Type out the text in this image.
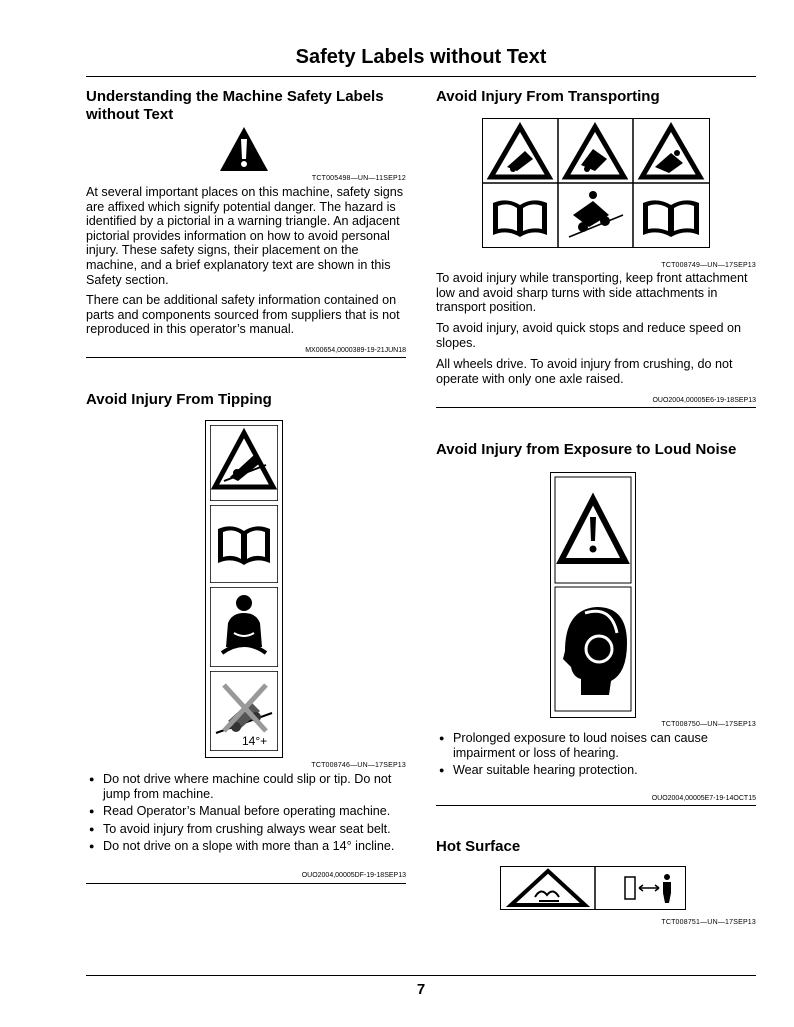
Safety Labels without Text
Understanding the Machine Safety Labels without Text
TCT005498—UN—11SEP12
At several important places on this machine, safety signs are affixed which signify potential danger. The hazard is identified by a pictorial in a warning triangle. An adjacent pictorial provides information on how to avoid personal injury. These safety signs, their placement on the machine, and a brief explanatory text are shown in this Safety section.
There can be additional safety information contained on parts and components sourced from suppliers that is not reproduced in this operator’s manual.
MX00654,0000389-19-21JUN18
Avoid Injury From Tipping
14°+
TCT008746—UN—17SEP13
● Do not drive where machine could slip or tip. Do not jump from machine.
● Read Operator’s Manual before operating machine.
● To avoid injury from crushing always wear seat belt.
● Do not drive on a slope with more than a 14° incline.
OUO2004,00005DF-19-18SEP13
Avoid Injury From Transporting
TCT008749—UN—17SEP13
To avoid injury while transporting, keep front attachment low and avoid sharp turns with side attachments in transport position.
To avoid injury, avoid quick stops and reduce speed on slopes.
All wheels drive. To avoid injury from crushing, do not operate with only one axle raised.
OUO2004,00005E6-19-18SEP13
Avoid Injury from Exposure to Loud Noise
TCT008750—UN—17SEP13
● Prolonged exposure to loud noises can cause impairment or loss of hearing.
● Wear suitable hearing protection.
OUO2004,00005E7-19-14OCT15
Hot Surface
TCT008751—UN—17SEP13
7
